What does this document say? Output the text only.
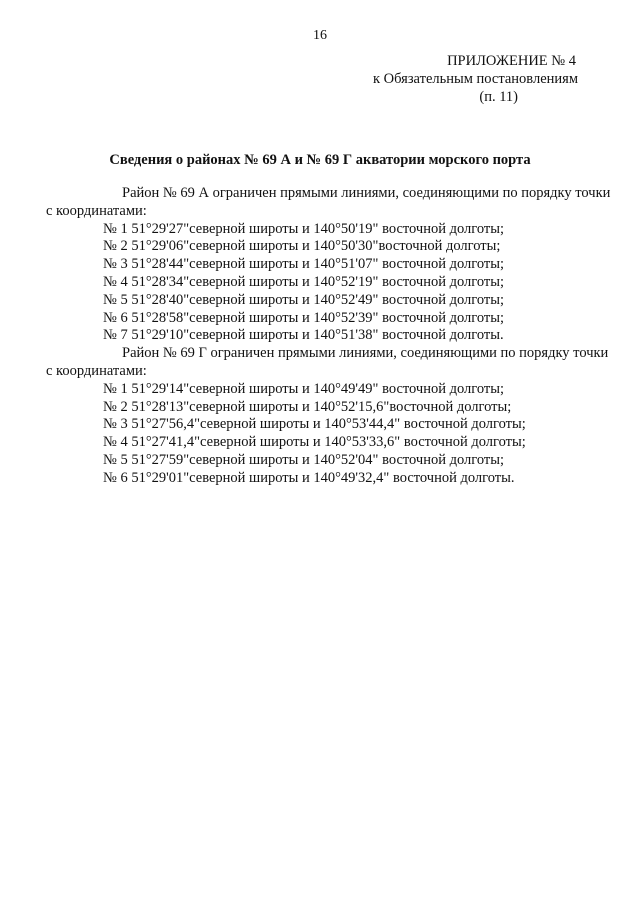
16
ПРИЛОЖЕНИЕ № 4
к Обязательным постановлениям
(п. 11)
Сведения о районах № 69 А и № 69 Г акватории морского порта
Район № 69 А ограничен прямыми линиями, соединяющими по порядку точки
с координатами:
№ 1 51°29'27"северной широты и 140°50'19" восточной долготы;
№ 2 51°29'06"северной широты и 140°50'30"восточной долготы;
№ 3 51°28'44"северной широты и 140°51'07" восточной долготы;
№ 4 51°28'34"северной широты и 140°52'19" восточной долготы;
№ 5 51°28'40"северной широты и 140°52'49" восточной долготы;
№ 6 51°28'58"северной широты и 140°52'39" восточной долготы;
№ 7 51°29'10"северной широты и 140°51'38" восточной долготы.
Район № 69 Г ограничен прямыми линиями, соединяющими по порядку точки
с координатами:
№ 1 51°29'14"северной широты и 140°49'49" восточной долготы;
№ 2 51°28'13"северной широты и 140°52'15,6"восточной долготы;
№ 3 51°27'56,4"северной широты и 140°53'44,4" восточной долготы;
№ 4 51°27'41,4"северной широты и 140°53'33,6" восточной долготы;
№ 5 51°27'59"северной широты и 140°52'04" восточной долготы;
№ 6 51°29'01"северной широты и 140°49'32,4" восточной долготы.
